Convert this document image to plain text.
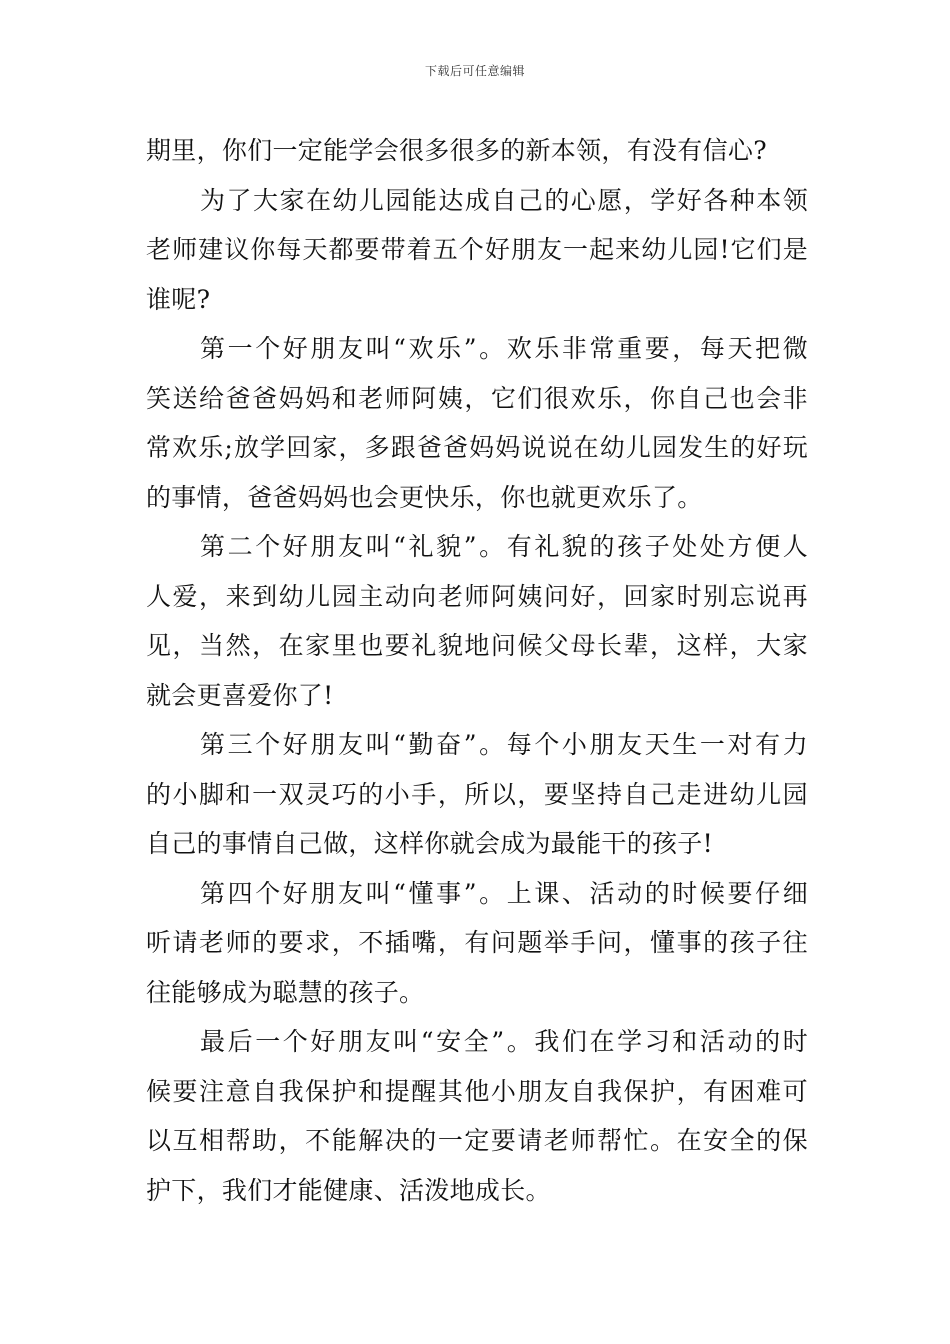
下载后可任意编辑
期里，你们一定能学会很多很多的新本领，有没有信心?
为了大家在幼儿园能达成自己的心愿，学好各种本领
老师建议你每天都要带着五个好朋友一起来幼儿园!它们是
谁呢?
第一个好朋友叫“欢乐”。欢乐非常重要，每天把微
笑送给爸爸妈妈和老师阿姨，它们很欢乐，你自己也会非
常欢乐;放学回家，多跟爸爸妈妈说说在幼儿园发生的好玩
的事情，爸爸妈妈也会更快乐，你也就更欢乐了。
第二个好朋友叫“礼貌”。有礼貌的孩子处处方便人
人爱，来到幼儿园主动向老师阿姨问好，回家时别忘说再
见，当然，在家里也要礼貌地问候父母长辈，这样，大家
就会更喜爱你了!
第三个好朋友叫“勤奋”。每个小朋友天生一对有力
的小脚和一双灵巧的小手，所以，要坚持自己走进幼儿园
自己的事情自己做，这样你就会成为最能干的孩子!
第四个好朋友叫“懂事”。上课、活动的时候要仔细
听请老师的要求，不插嘴，有问题举手问，懂事的孩子往
往能够成为聪慧的孩子。
最后一个好朋友叫“安全”。我们在学习和活动的时
候要注意自我保护和提醒其他小朋友自我保护，有困难可
以互相帮助，不能解决的一定要请老师帮忙。在安全的保
护下，我们才能健康、活泼地成长。
